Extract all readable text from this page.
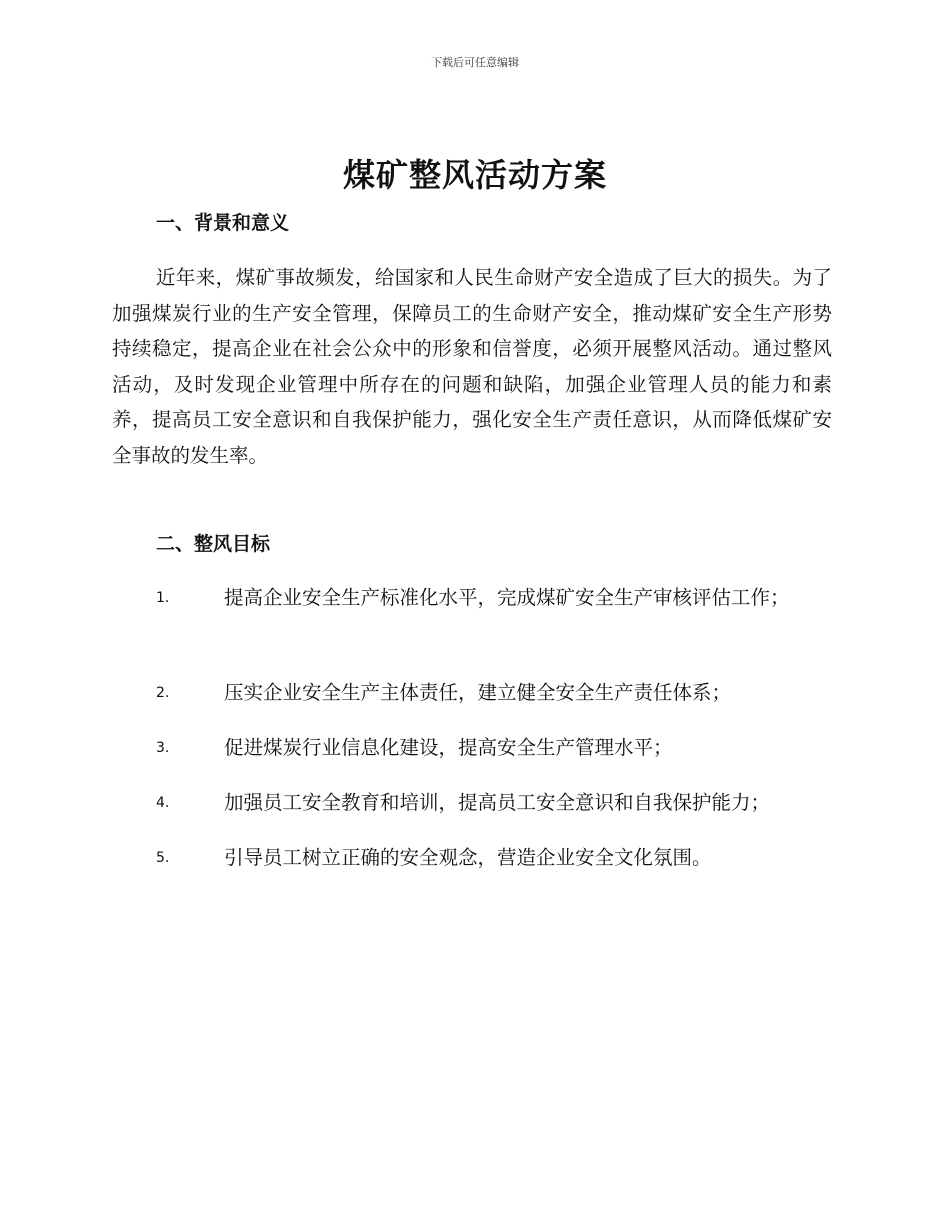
下载后可任意编辑
煤矿整风活动方案
一、背景和意义

近年来，煤矿事故频发，给国家和人民生命财产安全造成了巨大的损失。为了加强煤炭行业的生产安全管理，保障员工的生命财产安全，推动煤矿安全生产形势持续稳定，提高企业在社会公众中的形象和信誉度，必须开展整风活动。通过整风活动，及时发现企业管理中所存在的问题和缺陷，加强企业管理人员的能力和素养，提高员工安全意识和自我保护能力，强化安全生产责任意识，从而降低煤矿安全事故的发生率。

二、整风目标
1.	提高企业安全生产标准化水平，完成煤矿安全生产审核评估工作；
2.	压实企业安全生产主体责任，建立健全安全生产责任体系；
3.	促进煤炭行业信息化建设，提高安全生产管理水平；
4.	加强员工安全教育和培训，提高员工安全意识和自我保护能力；
5.	引导员工树立正确的安全观念，营造企业安全文化氛围。
